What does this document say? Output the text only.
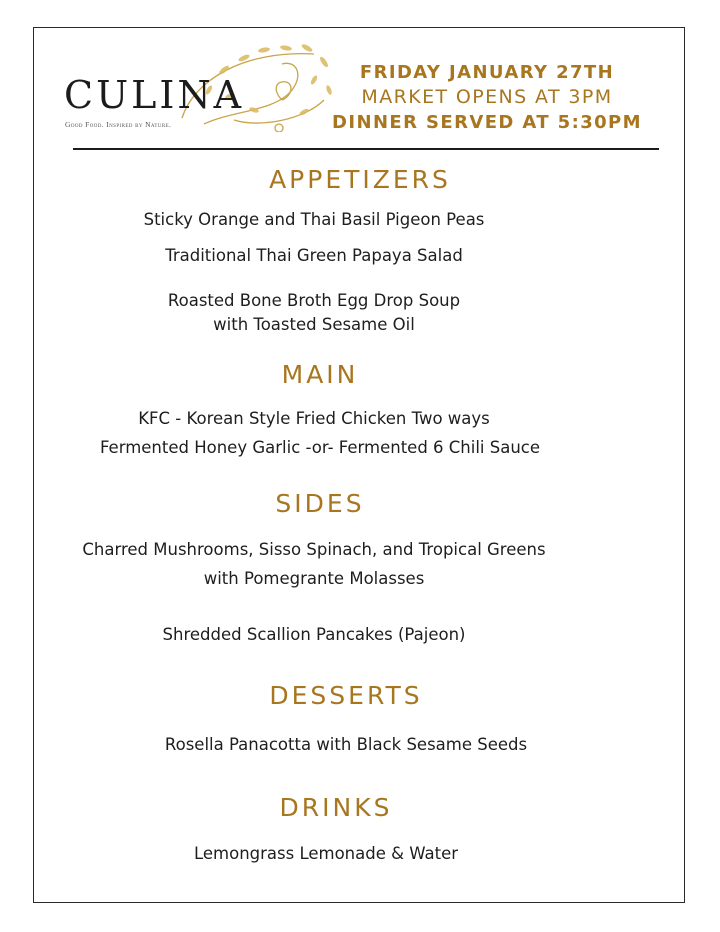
CULINA
Good Food. Inspired by Nature.
FRIDAY JANUARY 27TH
MARKET OPENS AT 3PM
DINNER SERVED AT 5:30PM
APPETIZERS
Sticky Orange and Thai Basil Pigeon Peas
Traditional Thai Green Papaya Salad
Roasted Bone Broth Egg Drop Soup
with Toasted Sesame Oil
MAIN
KFC - Korean Style Fried Chicken Two ways
Fermented Honey Garlic -or- Fermented 6 Chili Sauce
SIDES
Charred Mushrooms, Sisso Spinach, and Tropical Greens
with Pomegrante Molasses
Shredded Scallion Pancakes (Pajeon)
DESSERTS
Rosella Panacotta with Black Sesame Seeds
DRINKS
Lemongrass Lemonade & Water
